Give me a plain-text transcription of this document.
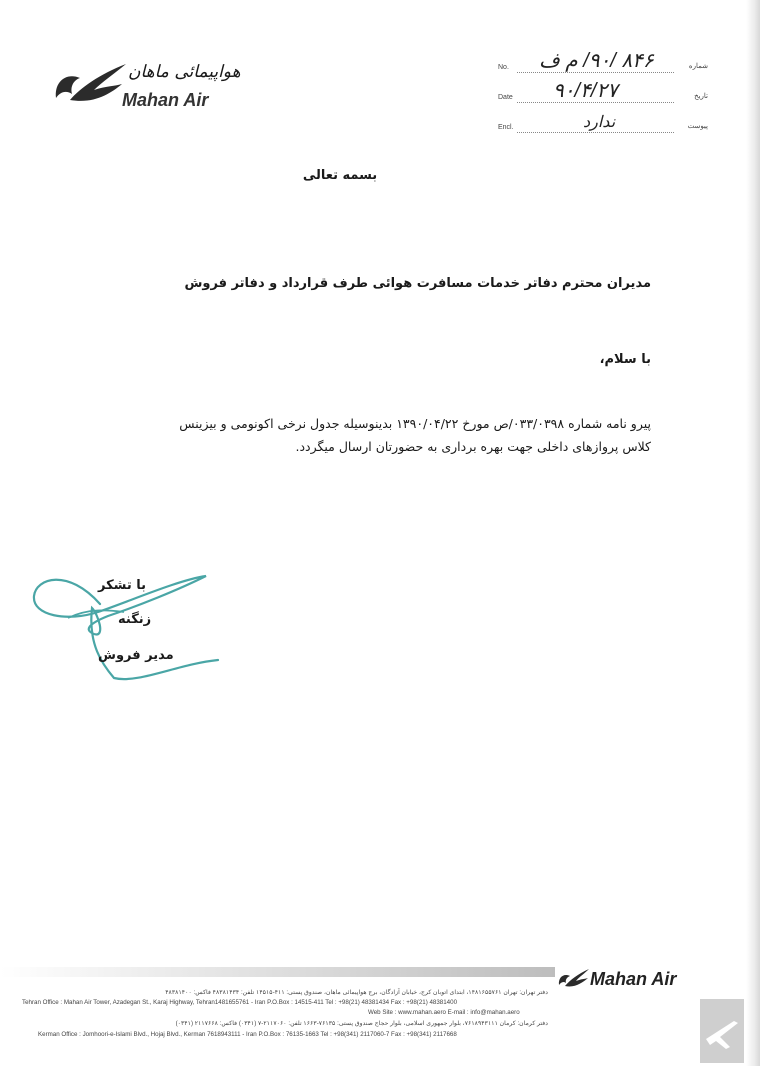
هواپیمائی ماهان
Mahan Air
No. ۸۴۶ /۹۰/ م ف	شماره
Date ۹۰/۴/۲۷	تاریخ
Encl.	ندارد	پیوست
بسمه تعالی
مدیران محترم دفاتر خدمات مسافرت هوائی طرف قرارداد و دفاتر فروش
با سلام،
پیرو نامه شماره ۰۳۳/۰۳۹۸/ص مورخ ۱۳۹۰/۰۴/۲۲ بدینوسیله جدول نرخی اکونومی و بیزینس
کلاس پروازهای داخلی جهت بهره برداری به حضورتان ارسال میگردد.
با تشکر
زنگنه
مدیر فروش
Mahan Air
دفتر تهران: تهران ۱۴۸۱۶۵۵۷۶۱، ابتدای اتوبان کرج، خیابان آزادگان، برج هواپیمائی ماهان، صندوق پستی: ۴۱۱-۱۴۵۱۵ تلفن: ۴۸۳۸۱۴۳۴ فاکس: ۴۸۳۸۱۴۰۰
Tehran Office : Mahan Air Tower, Azadegan St., Karaj Highway, Tehran1481655761 - Iran P.O.Box : 14515-411 Tel : +98(21) 48381434 Fax : +98(21) 48381400
Web Site : www.mahan.aero E-mail : info@mahan.aero
دفتر کرمان: کرمان ۷۶۱۸۹۴۳۱۱۱، بلوار جمهوری اسلامی، بلوار حجاج صندوق پستی: ۷۶۱۳۵-۱۶۶۳ تلفن: ۲۱۱۷۰۶۰-۷ (۰۳۴۱) فاکس: ۲۱۱۷۶۶۸ (۰۳۴۱)
Kerman Office : Jomhoori-e-Islami Blvd., Hojaj Blvd., Kerman 7618943111 - Iran P.O.Box : 76135-1663 Tel : +98(341) 2117060-7 Fax : +98(341) 2117668
